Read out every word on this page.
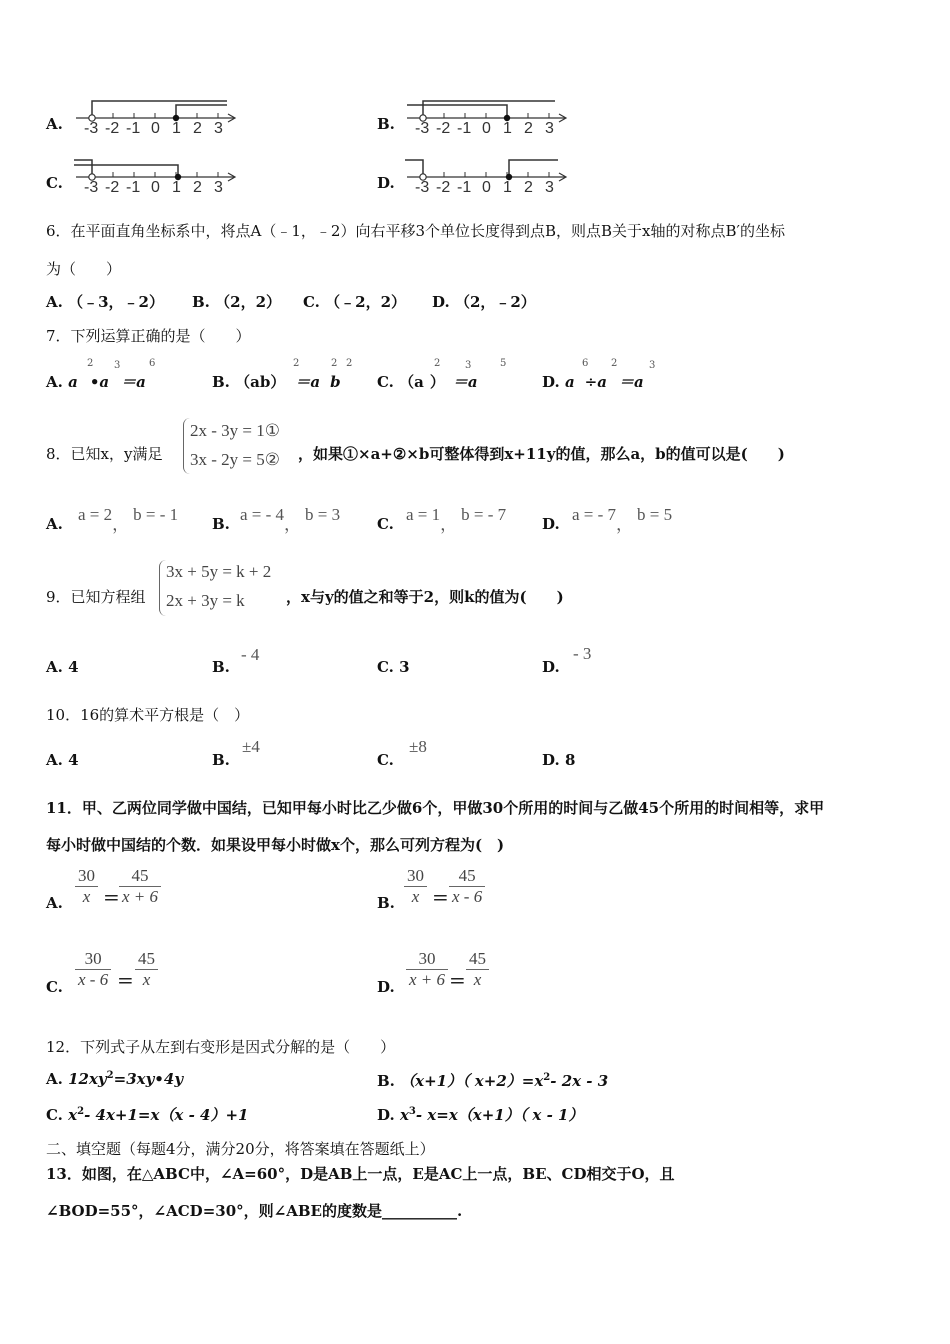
A. -3 -2 -1 0 1 2 3	B. -3 -2 -1 0 1 2 3
C. -3 -2 -1 0 1 2 3	D. -3 -2 -1 0 1 2 3
6．在平面直角坐标系中，将点A（﹣1，﹣2）向右平移3个单位长度得到点B，则点B关于x轴的对称点B′的坐标
为（　　）
A. （﹣3，﹣2） B. （2，2） C. （﹣2，2） D. （2，﹣2）
7．下列运算正确的是（　　）
A. a •a ＝a
2 3	6
B. （ab） ＝a b
2	2 2
C. （a ） ＝a
2 3	5
D. a ÷a ＝a
6 2	3
8．已知x，y满足
2x - 3y = 1①
3x - 2y = 5② ，如果①×a+②×b可整体得到x+11y的值，那么a，b的值可以是(　　)
A. a = 2，b = - 1 B. a = - 4，b = 3 C. a = 1，b = - 7 D. a = - 7，b = 5
9．已知方程组
3x + 5y = k + 2
2x + 3y = k	，x与y的值之和等于2，则k的值为(　　)
A. 4	B.
- 4
C. 3	D.
- 3
10．16的算术平方根是（　）
A. 4	B.
±4
C.
±8
D. 8
11．甲、乙两位同学做中国结，已知甲每小时比乙少做6个，甲做30个所用的时间与乙做45个所用的时间相等，求甲
每小时做中国结的个数．如果设甲每小时做x个，那么可列方程为(　)
A. $\frac{30}{x} = \frac{45}{x + 6}$	B. $\frac{30}{x} = \frac{45}{x - 6}$
C. $\frac{30}{x - 6} = \frac{45}{x}$	D. $\frac{30}{x + 6} = \frac{45}{x}$
12．下列式子从左到右变形是因式分解的是（　　）
A. $12xy^2=3xy•4y$	B. （x+1）（ $x+2)=x^2-$ 2x - 3
C. $x^2-$ 4x+1=x（x - 4）+1	D. $x^3-$ x=x（x+1）（ x - 1）
二、填空题（每题4分，满分20分，将答案填在答题纸上）
13．如图，在△ABC中，∠A=60°，D是AB上一点，E是AC上一点，BE、CD相交于O，且
∠BOD=55°，∠ACD=30°，则∠ABE的度数是__________.
